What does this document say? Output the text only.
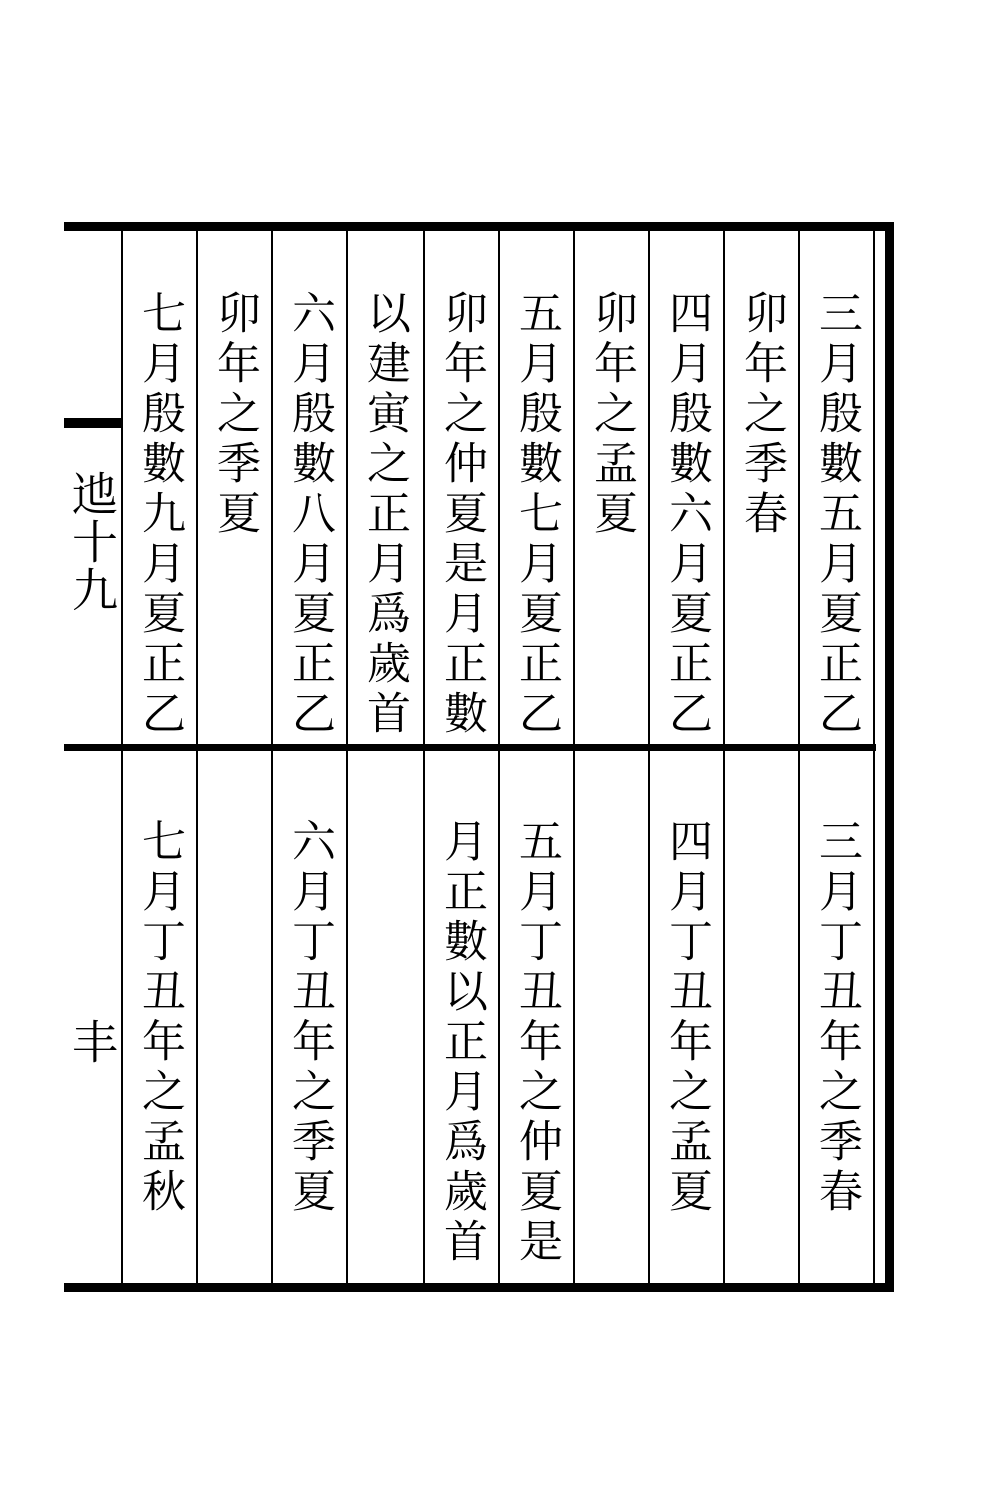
迆十九
丰
三月殷數五月夏正乙
卯年之季春
四月殷數六月夏正乙
卯年之孟夏
五月殷數七月夏正乙
卯年之仲夏是月正數
以建寅之正月爲歲首
六月殷數八月夏正乙
卯年之季夏
七月殷數九月夏正乙
三月丁丑年之季春
四月丁丑年之孟夏
五月丁丑年之仲夏是
月正數以正月爲歲首
六月丁丑年之季夏
七月丁丑年之孟秋
